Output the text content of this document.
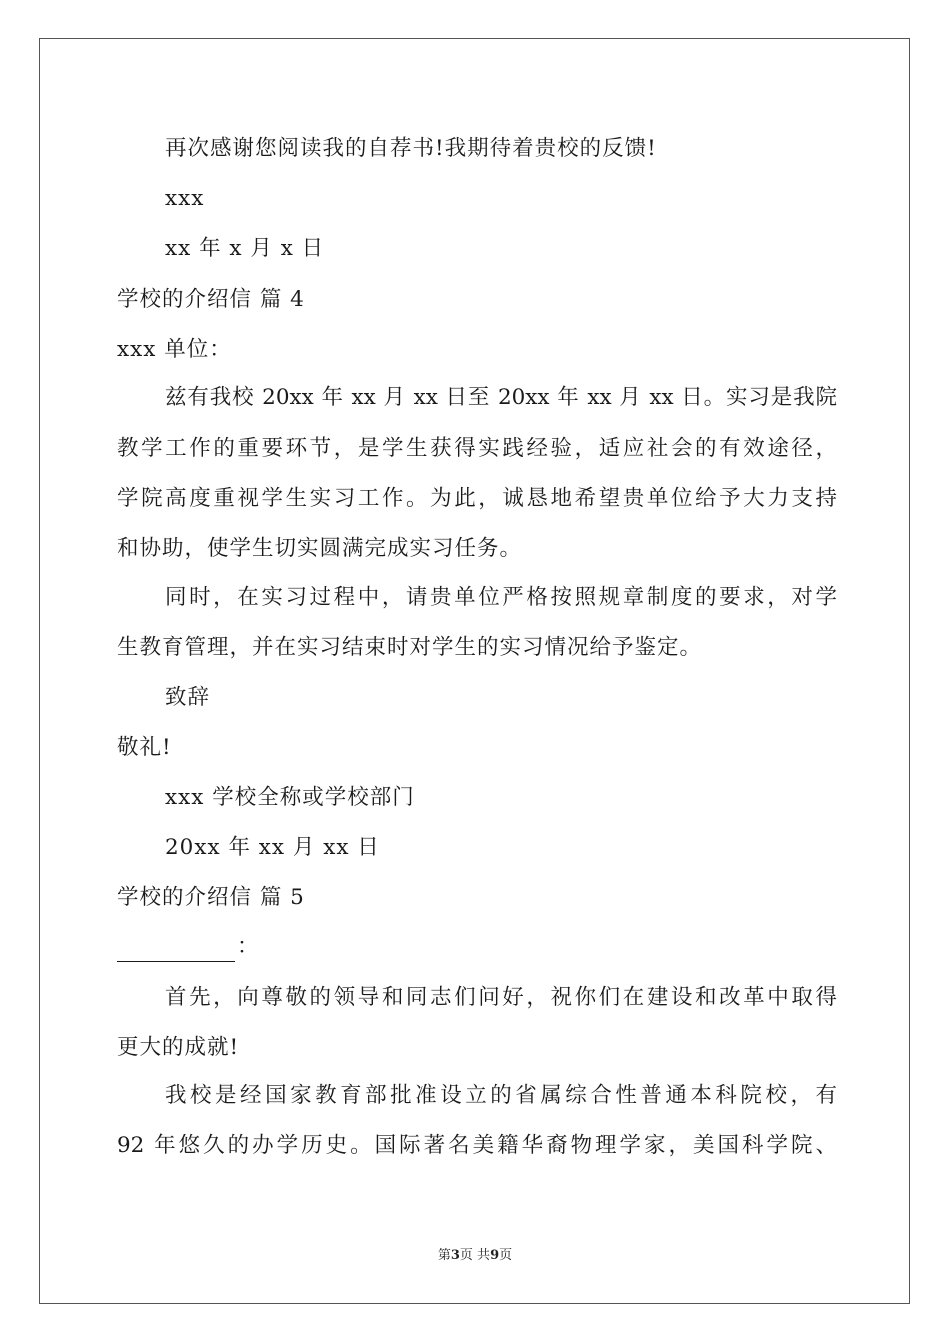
再次感谢您阅读我的自荐书!我期待着贵校的反馈!
xxx
xx 年 x 月 x 日
学校的介绍信 篇 4
xxx 单位：
兹有我校 20xx 年 xx 月 xx 日至 20xx 年 xx 月 xx 日。实习是我院
教学工作的重要环节，是学生获得实践经验，适应社会的有效途径，
学院高度重视学生实习工作。为此，诚恳地希望贵单位给予大力支持
和协助，使学生切实圆满完成实习任务。
同时，在实习过程中，请贵单位严格按照规章制度的要求，对学
生教育管理，并在实习结束时对学生的实习情况给予鉴定。
致辞
敬礼!
xxx 学校全称或学校部门
20xx 年 xx 月 xx 日
学校的介绍信 篇 5
：
首先，向尊敬的领导和同志们问好，祝你们在建设和改革中取得
更大的成就!
我校是经国家教育部批准设立的省属综合性普通本科院校，有
92 年悠久的办学历史。国际著名美籍华裔物理学家，美国科学院、
第3页 共9页
